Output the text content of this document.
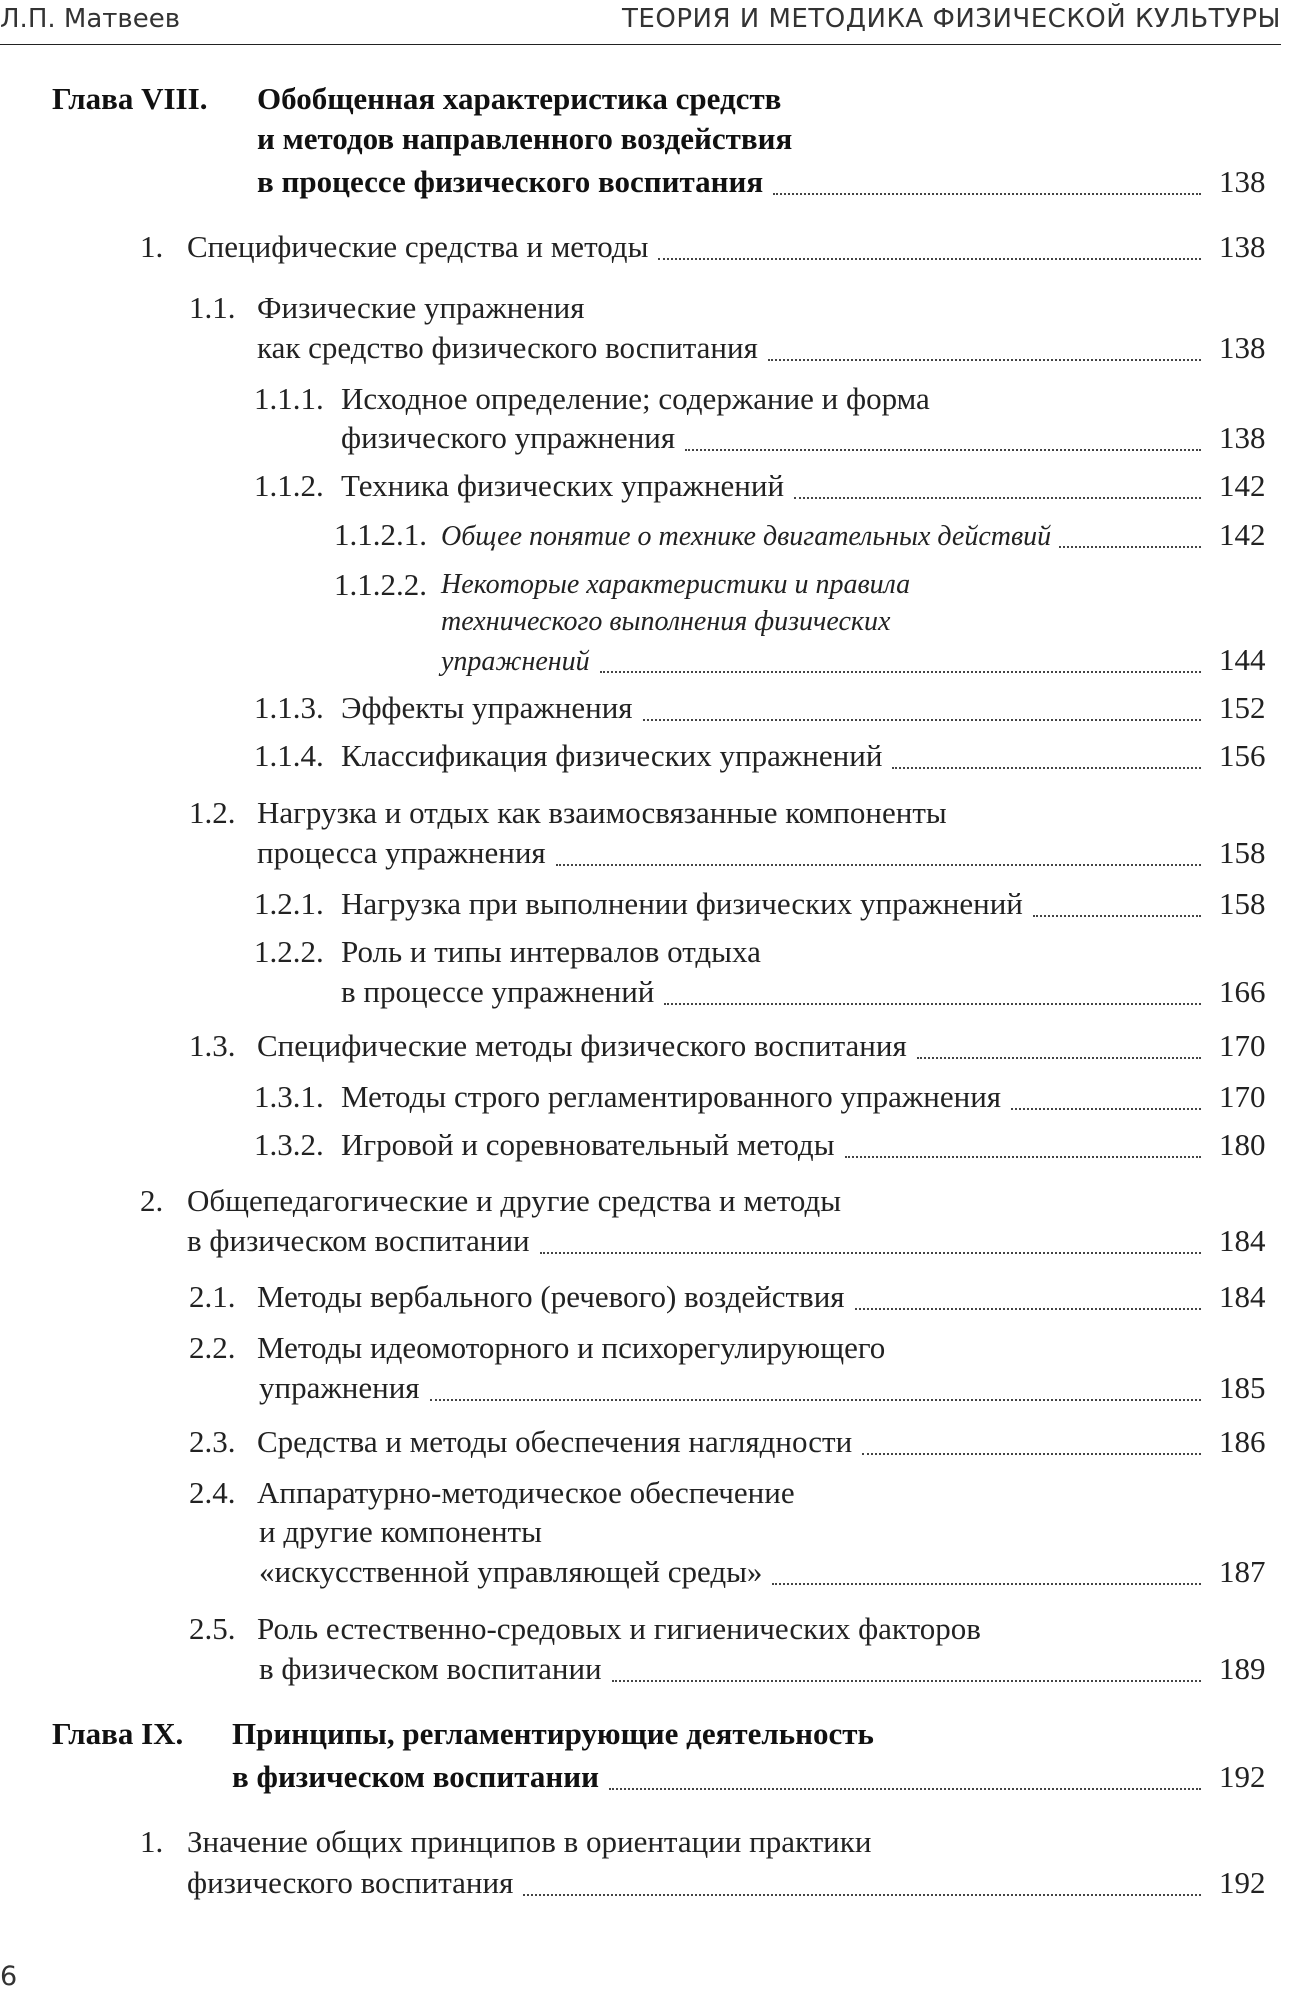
Л.П. Матвеев	ТЕОРИЯ И МЕТОДИКА ФИЗИЧЕСКОЙ КУЛЬТУРЫ
Глава VIII. Обобщенная характеристика средств
и методов направленного воздействия
в процессе физического воспитания	138
1. Специфические средства и методы	138
1.1. Физические упражнения
как средство физического воспитания	138
1.1.1. Исходное определение; содержание и форма
физического упражнения	138
1.1.2. Техника физических упражнений	142
1.1.2.1. Общее понятие о технике двигательных действий	142
1.1.2.2. Некоторые характеристики и правила
технического выполнения физических
упражнений	144
1.1.3. Эффекты упражнения	152
1.1.4. Классификация физических упражнений	156
1.2. Нагрузка и отдых как взаимосвязанные компоненты
процесса упражнения	158
1.2.1. Нагрузка при выполнении физических упражнений	158
1.2.2. Роль и типы интервалов отдыха
в процессе упражнений	166
1.3. Специфические методы физического воспитания	170
1.3.1. Методы строго регламентированного упражнения	170
1.3.2. Игровой и соревновательный методы	180
2. Общепедагогические и другие средства и методы
в физическом воспитании	184
2.1. Методы вербального (речевого) воздействия	184
2.2. Методы идеомоторного и психорегулирующего
упражнения	185
2.3. Средства и методы обеспечения наглядности	186
2.4. Аппаратурно-методическое обеспечение
и другие компоненты
«искусственной управляющей среды»	187
2.5. Роль естественно-средовых и гигиенических факторов
в физическом воспитании	189
Глава IX. Принципы, регламентирующие деятельность
в физическом воспитании	192
1. Значение общих принципов в ориентации практики
физического воспитания	192
6
